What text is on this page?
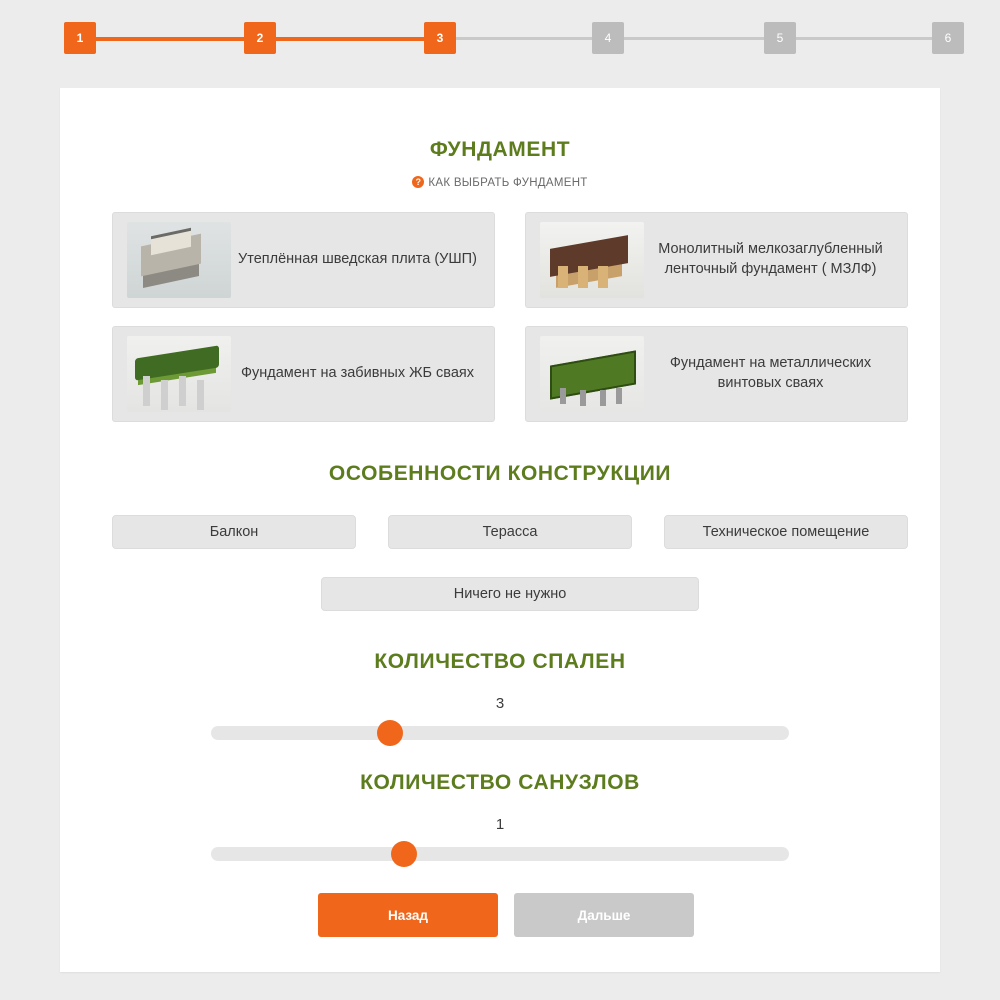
1	2	3	4	5	6
ФУНДАМЕНТ
? КАК ВЫБРАТЬ ФУНДАМЕНТ
Утеплённая шведская плита (УШП)
Монолитный мелкозаглубленный ленточный фундамент ( МЗЛФ)
Фундамент на забивных ЖБ сваях
Фундамент на металлических винтовых сваях
ОСОБЕННОСТИ КОНСТРУКЦИИ
Балкон	Терасса	Техническое помещение
Ничего не нужно
КОЛИЧЕСТВО СПАЛЕН
3
КОЛИЧЕСТВО САНУЗЛОВ
1
Назад	Дальше
